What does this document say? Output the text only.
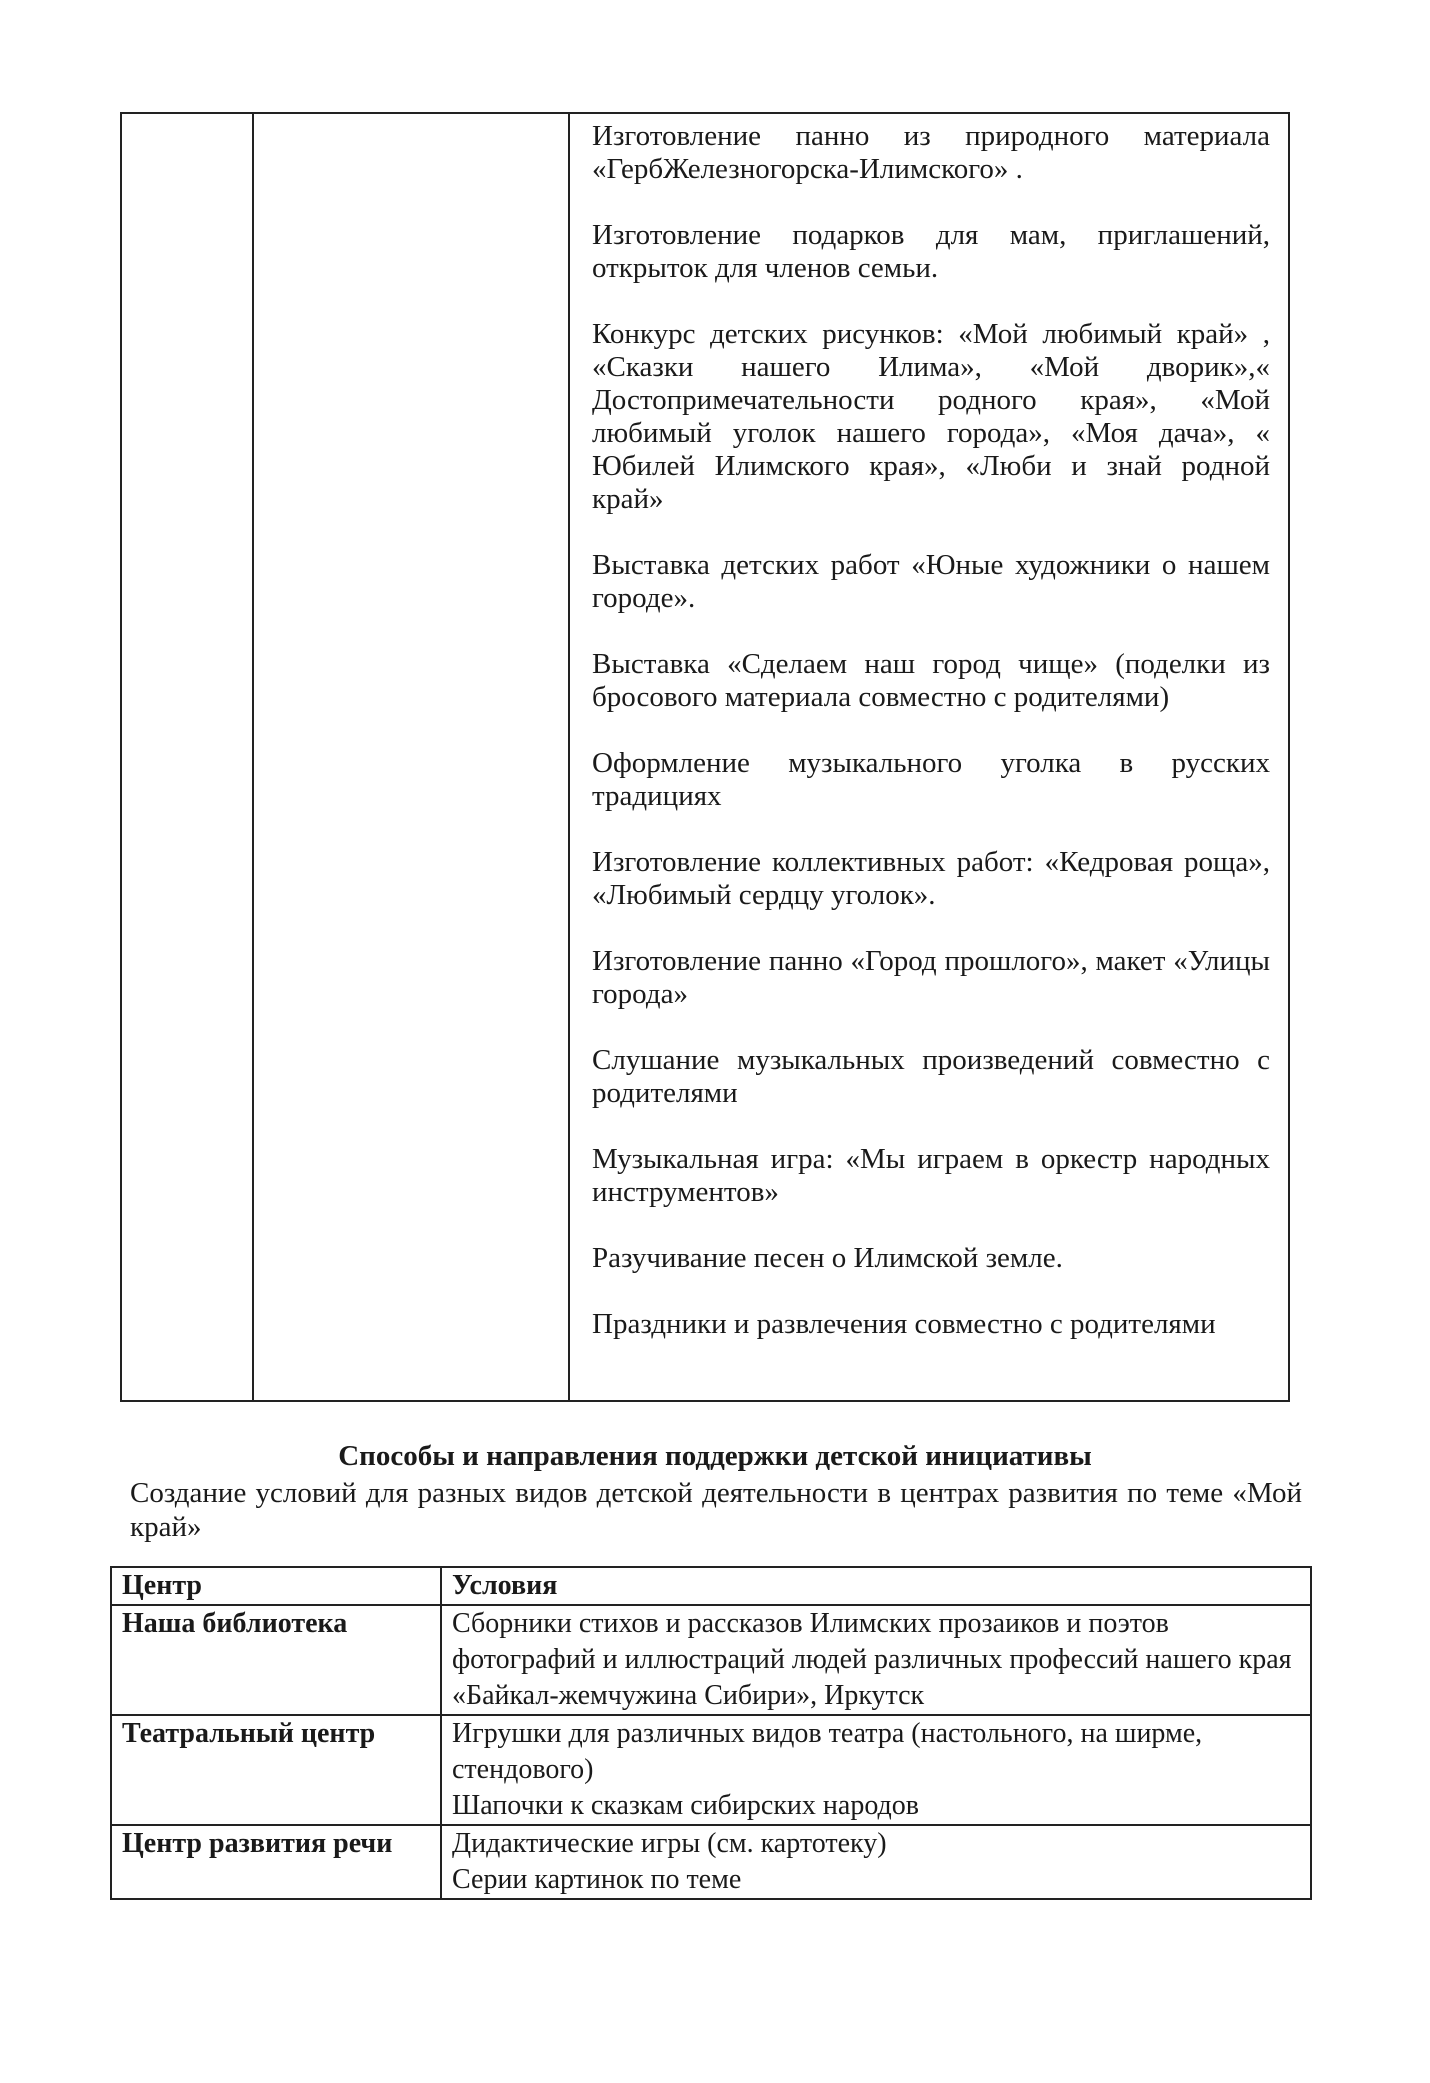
Изготовление панно из природного материала «ГербЖелезногорска-Илимского» .

Изготовление подарков для мам, приглашений, открыток для членов семьи.

Конкурс детских рисунков: «Мой любимый край» , «Сказки нашего Илима», «Мой дворик»,« Достопримечательности родного края», «Мой любимый уголок нашего города», «Моя дача», « Юбилей Илимского края», «Люби и знай родной край»

Выставка детских работ «Юные художники о нашем городе».

Выставка «Сделаем наш город чище» (поделки из бросового материала совместно с родителями)

Оформление музыкального уголка в русских традициях

Изготовление коллективных работ: «Кедровая роща», «Любимый сердцу уголок».

Изготовление панно «Город прошлого», макет «Улицы города»

Слушание музыкальных произведений совместно с родителями

Музыкальная игра: «Мы играем в оркестр народных инструментов»

Разучивание песен о Илимской земле.

Праздники и развлечения совместно с родителями

Способы и направления поддержки детской инициативы

Создание условий для разных видов детской деятельности в центрах развития по теме «Мой край»

Центр	Условия
Наша библиотека	Сборники стихов и рассказов Илимских прозаиков и поэтов
фотографий и иллюстраций людей различных профессий нашего края
«Байкал-жемчужина Сибири», Иркутск

Театральный центр	Игрушки для различных видов театра (настольного, на ширме, стендового)
Шапочки к сказкам сибирских народов

Центр развития речи	Дидактические игры (см. картотеку)
Серии картинок по теме
